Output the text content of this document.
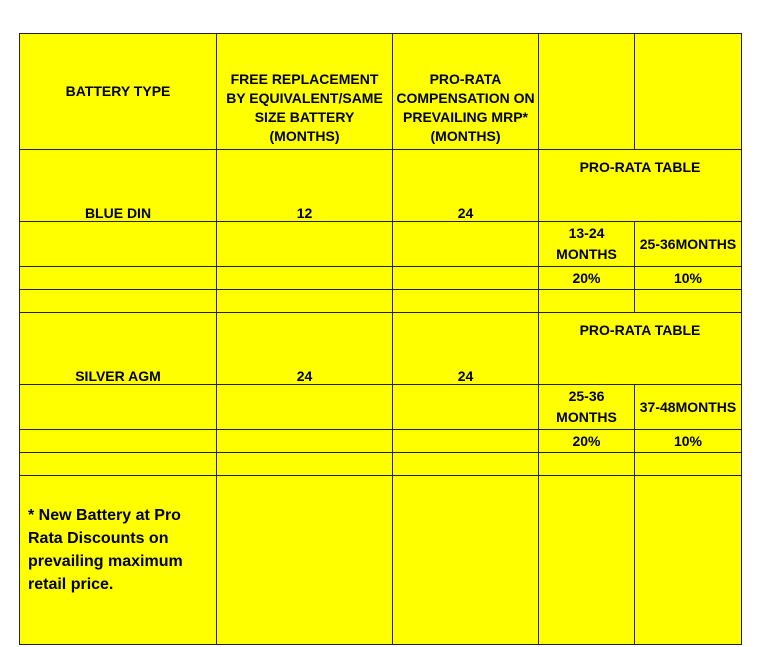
BATTERY TYPE	FREE REPLACEMENT BY EQUIVALENT/SAME SIZE BATTERY (MONTHS)	PRO-RATA COMPENSATION ON PREVAILING MRP*(MONTHS)		
BLUE DIN	12	24	PRO-RATA TABLE	
			13-24 MONTHS	25-36MONTHS
			20%	10%

SILVER AGM	24	24	PRO-RATA TABLE	
			25-36 MONTHS	37-48MONTHS
			20%	10%

* New Battery at Pro Rata Discounts on prevailing maximum retail price.				
